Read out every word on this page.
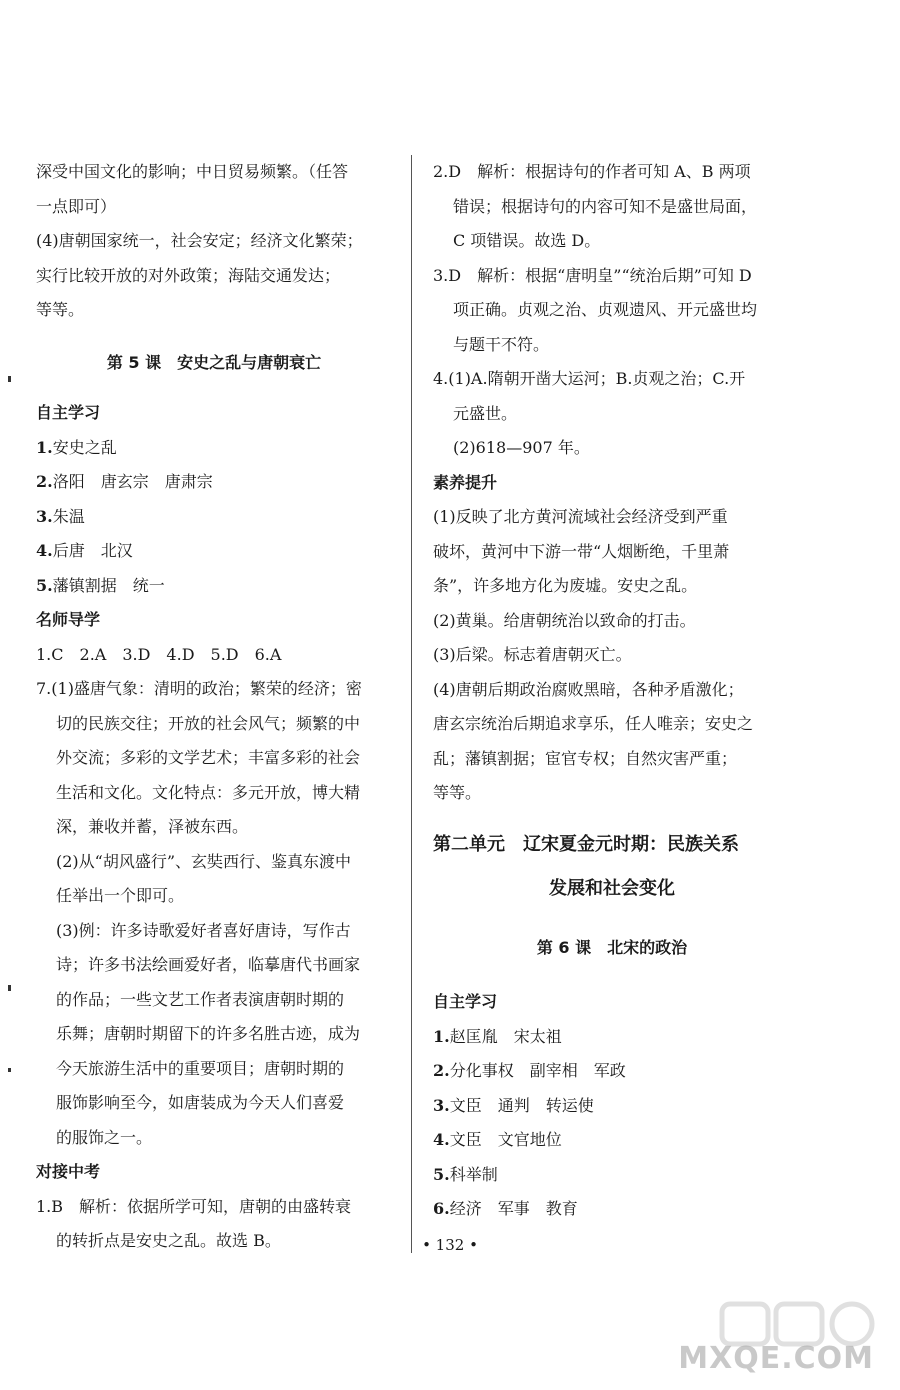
深受中国文化的影响；中日贸易频繁。（任答
一点即可）
(4)唐朝国家统一，社会安定；经济文化繁荣；
实行比较开放的对外政策；海陆交通发达；
等等。
第 5 课　安史之乱与唐朝衰亡
自主学习
1.安史之乱
2.洛阳　唐玄宗　唐肃宗
3.朱温
4.后唐　北汉
5.藩镇割据　统一
名师导学
1.C　2.A　3.D　4.D　5.D　6.A
7.(1)盛唐气象：清明的政治；繁荣的经济；密
切的民族交往；开放的社会风气；频繁的中
外交流；多彩的文学艺术；丰富多彩的社会
生活和文化。文化特点：多元开放，博大精
深，兼收并蓄，泽被东西。
(2)从“胡风盛行”、玄奘西行、鉴真东渡中
任举出一个即可。
(3)例：许多诗歌爱好者喜好唐诗，写作古
诗；许多书法绘画爱好者，临摹唐代书画家
的作品；一些文艺工作者表演唐朝时期的
乐舞；唐朝时期留下的许多名胜古迹，成为
今天旅游生活中的重要项目；唐朝时期的
服饰影响至今，如唐装成为今天人们喜爱
的服饰之一。
对接中考
1.B　解析：依据所学可知，唐朝的由盛转衰
的转折点是安史之乱。故选 B。
2.D　解析：根据诗句的作者可知 A、B 两项
错误；根据诗句的内容可知不是盛世局面，
C 项错误。故选 D。
3.D　解析：根据“唐明皇”“统治后期”可知 D
项正确。贞观之治、贞观遗风、开元盛世均
与题干不符。
4.(1)A.隋朝开凿大运河；B.贞观之治；C.开
元盛世。
(2)618—907 年。
素养提升
(1)反映了北方黄河流域社会经济受到严重
破坏，黄河中下游一带“人烟断绝，千里萧
条”，许多地方化为废墟。安史之乱。
(2)黄巢。给唐朝统治以致命的打击。
(3)后梁。标志着唐朝灭亡。
(4)唐朝后期政治腐败黑暗，各种矛盾激化；
唐玄宗统治后期追求享乐，任人唯亲；安史之
乱；藩镇割据；宦官专权；自然灾害严重；
等等。
第二单元　辽宋夏金元时期：民族关系
发展和社会变化
第 6 课　北宋的政治
自主学习
1.赵匡胤　宋太祖
2.分化事权　副宰相　军政
3.文臣　通判　转运使
4.文臣　文官地位
5.科举制
6.经济　军事　教育
• 132 •
MXQE.COM
